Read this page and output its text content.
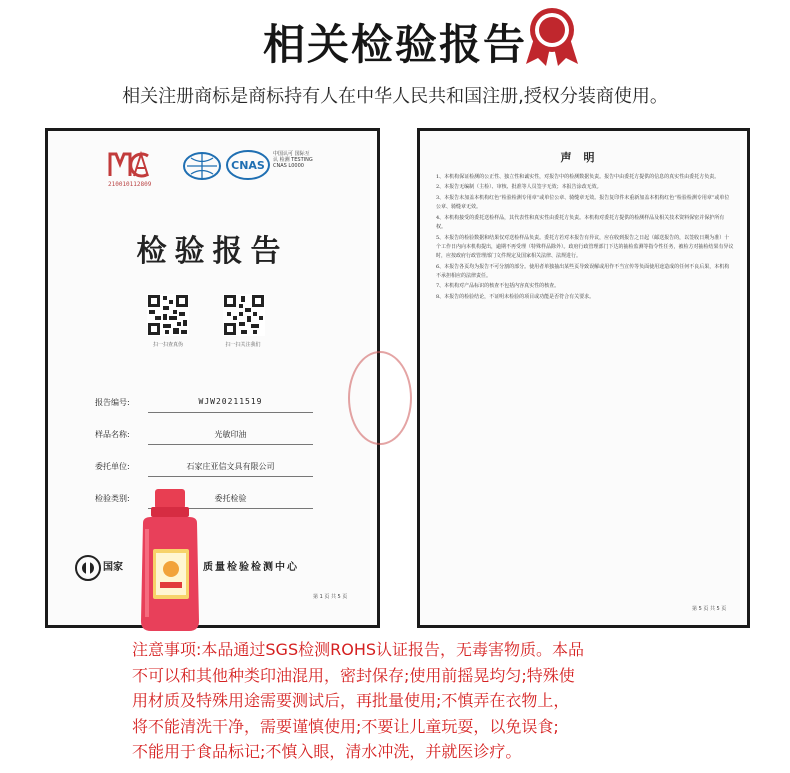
相关检验报告
相关注册商标是商标持有人在中华人民共和国注册,授权分装商使用。
210010112809
CNAS
中国认可 国际互认 检测 TESTING CNAS L0000
检验报告
扫一扫查真伪	扫一扫关注我们
报告编号:	WJW20211519
样品名称:	光敏印油
委托单位:	石家庄亚信文具有限公司
检验类别:	委托检验
国家	质量检验检测中心
第 1 页 共 5 页
声明
1、本机构保证检测的公正性、独立性和诚实性，对报告中的检测数据负责。报告中由委托方提供的信息的真实性由委托方负责。
2、本报告无编制（主检）、审核、批准等人员签字无效；本报告涂改无效。
3、本报告未加盖本机构红色“检验检测专用章”或单位公章、骑缝章无效。报告复印件未重新加盖本机构红色“检验检测专用章”或单位公章、骑缝章无效。
4、本机构接受的委托送检样品，其代表性和真实性由委托方负责。本机构对委托方提供的检测样品及相关技术资料保密并保护所有权。
5、本报告的检验数据和结果仅对送检样品负责。委托方若对本报告有异议，应在收到报告之日起（邮送报告的，以签收日期为准）十个工作日内向本机构提出，逾期不再受理（特殊样品除外）。政府行政管理部门下达的抽检监测等指令性任务，被检方对抽检结果有异议时，应按政府行政管理部门文件规定及国家相关法律、法规进行。
6、本报告各页均为报告不可分割的部分。使用者单独抽出某些页导致误解或用作不当宣传等负面使用途造成的任何不良后果，本机构不承担相应的法律责任。
7、本机构对产品标识的核查不包括内容真实性的核查。
8、本报告的检验结论，不证明未检验的项目或功能是否符合有关要求。
第 5 页 共 5 页
注意事项:本品通过SGS检测ROHS认证报告，无毒害物质。本品
不可以和其他种类印油混用，密封保存;使用前摇晃均匀;特殊使
用材质及特殊用途需要测试后，再批量使用;不慎弄在衣物上，
将不能清洗干净，需要谨慎使用;不要让儿童玩耍，以免误食;
不能用于食品标记;不慎入眼，清水冲洗，并就医诊疗。
